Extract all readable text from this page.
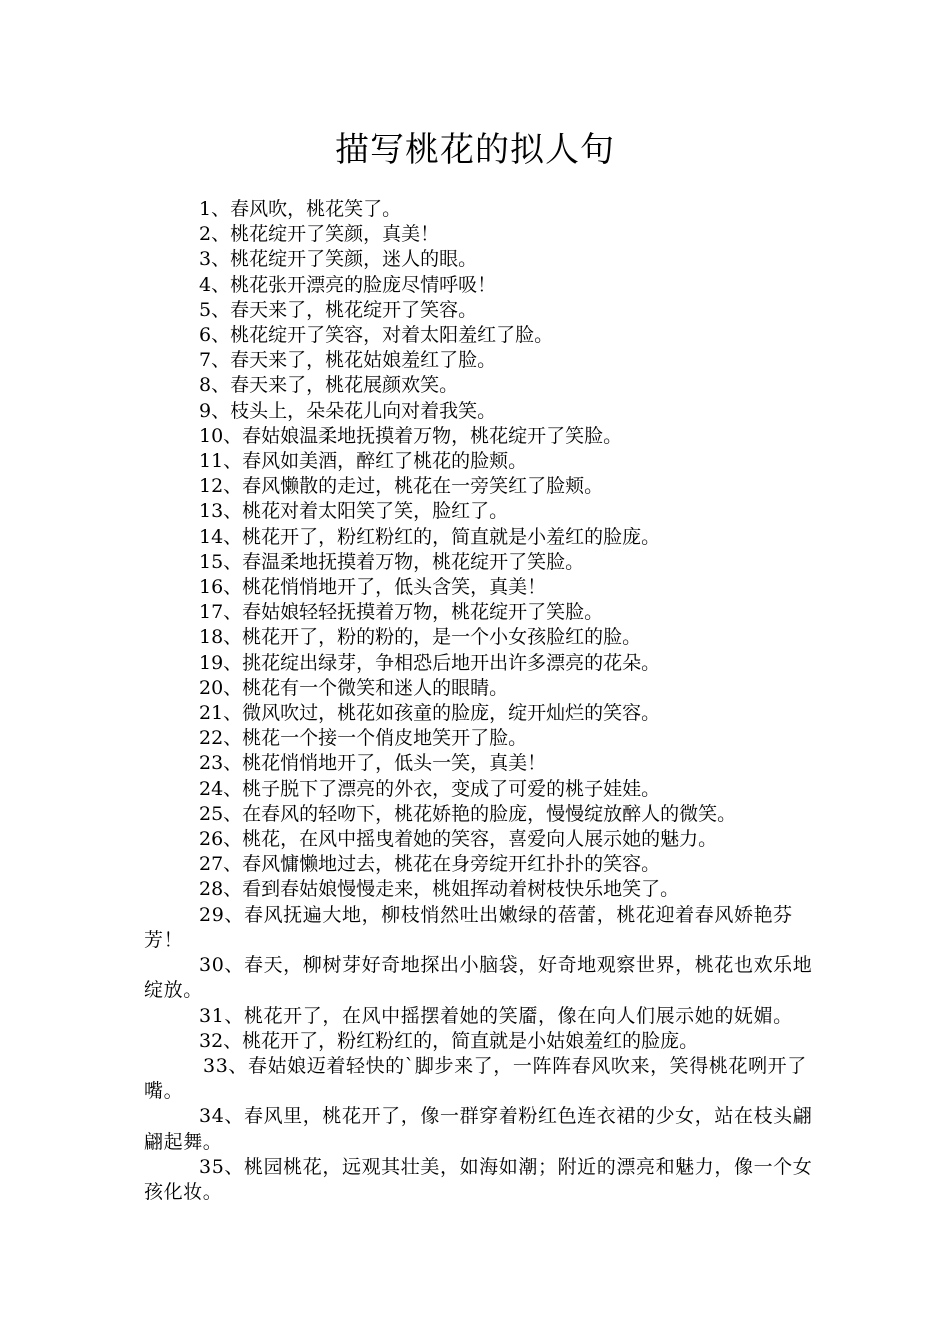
描写桃花的拟人句

1、春风吹，桃花笑了。

2、桃花绽开了笑颜，真美！

3、桃花绽开了笑颜，迷人的眼。

4、桃花张开漂亮的脸庞尽情呼吸！

5、春天来了，桃花绽开了笑容。

6、桃花绽开了笑容，对着太阳羞红了脸。

7、春天来了，桃花姑娘羞红了脸。

8、春天来了，桃花展颜欢笑。

9、枝头上，朵朵花儿向对着我笑。

10、春姑娘温柔地抚摸着万物，桃花绽开了笑脸。

11、春风如美酒，醉红了桃花的脸颊。

12、春风懒散的走过，桃花在一旁笑红了脸颊。

13、桃花对着太阳笑了笑，脸红了。

14、桃花开了，粉红粉红的，简直就是小羞红的脸庞。

15、春温柔地抚摸着万物，桃花绽开了笑脸。

16、桃花悄悄地开了，低头含笑，真美！

17、春姑娘轻轻抚摸着万物，桃花绽开了笑脸。

18、桃花开了，粉的粉的，是一个小女孩脸红的脸。

19、挑花绽出绿芽，争相恐后地开出许多漂亮的花朵。

20、桃花有一个微笑和迷人的眼睛。

21、微风吹过，桃花如孩童的脸庞，绽开灿烂的笑容。

22、桃花一个接一个俏皮地笑开了脸。

23、桃花悄悄地开了，低头一笑，真美！

24、桃子脱下了漂亮的外衣，变成了可爱的桃子娃娃。

25、在春风的轻吻下，桃花娇艳的脸庞，慢慢绽放醉人的微笑。

26、桃花，在风中摇曳着她的笑容，喜爱向人展示她的魅力。

27、春风慵懒地过去，桃花在身旁绽开红扑扑的笑容。

28、看到春姑娘慢慢走来，桃姐挥动着树枝快乐地笑了。

29、春风抚遍大地，柳枝悄然吐出嫩绿的蓓蕾，桃花迎着春风娇艳芬芳！

30、春天，柳树芽好奇地探出小脑袋，好奇地观察世界，桃花也欢乐地绽放。

31、桃花开了，在风中摇摆着她的笑靥，像在向人们展示她的妩媚。

32、桃花开了，粉红粉红的，简直就是小姑娘羞红的脸庞。

33、春姑娘迈着轻快的`脚步来了，一阵阵春风吹来，笑得桃花咧开了嘴。

34、春风里，桃花开了，像一群穿着粉红色连衣裙的少女，站在枝头翩翩起舞。

35、桃园桃花，远观其壮美，如海如潮；附近的漂亮和魅力，像一个女孩化妆。
